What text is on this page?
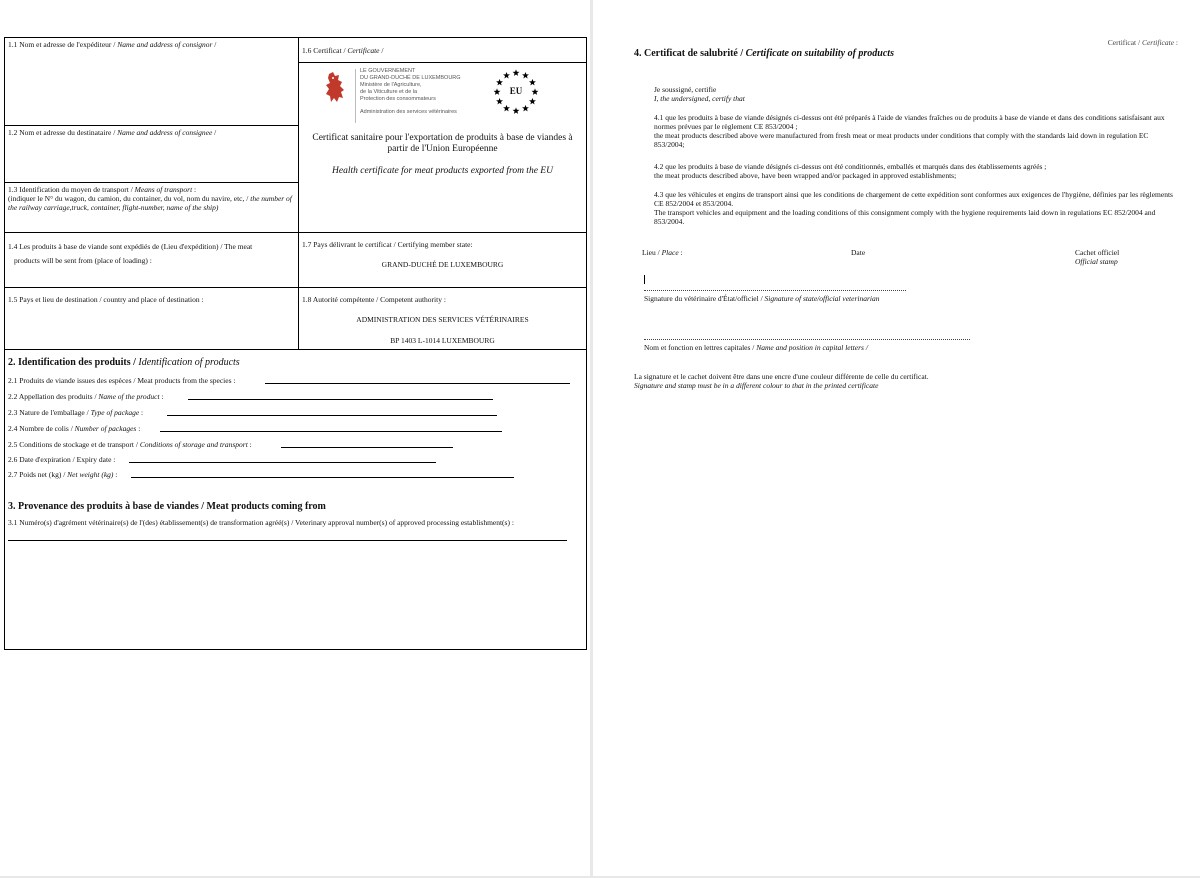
1.1 Nom et adresse de l'expéditeur / Name and address of consignor /
1.2 Nom et adresse du destinataire / Name and address of consignee /
1.3 Identification du moyen de transport / Means of transport :
(indiquer le N° du wagon, du camion, du container, du vol, nom du navire, etc, / the number of the railway carriage,truck, container, flight-number, name of the ship)
1.4 Les produits à base de viande sont expédiés de (Lieu d'expédition) / The meat
products will be sent from (place of loading) :
1.5 Pays et lieu de destination / country and place of destination :
1.6 Certificat / Certificate /
LE GOUVERNEMENT
DU GRAND-DUCHÉ DE LUXEMBOURG
Ministère de l'Agriculture,
de la Viticulture et de la
Protection des consommateurs
Administration des services vétérinaires
EU
Certificat sanitaire pour l'exportation de produits à base de viandes à partir de l'Union Européenne
Health certificate for meat products exported from the EU
1.7 Pays délivrant le certificat / Certifying member state:
GRAND-DUCHÉ DE LUXEMBOURG
1.8 Autorité compétente / Competent authority :
ADMINISTRATION DES SERVICES VÉTÉRINAIRES
BP 1403 L-1014 LUXEMBOURG
2. Identification des produits / Identification of products
2.1 Produits de viande issues des espèces / Meat products from the species :
2.2 Appellation des produits / Name of the product :
2.3 Nature de l'emballage / Type of package :
2.4 Nombre de colis / Number of packages :
2.5 Conditions de stockage et de transport / Conditions of storage and transport :
2.6 Date d'expiration / Expiry date :
2.7 Poids net (kg) / Net weight (kg) :
3. Provenance des produits à base de viandes / Meat products coming from
3.1 Numéro(s) d'agrément vétérinaire(s) de l'(des) établissement(s) de transformation agréé(s) / Veterinary approval number(s) of approved processing establishment(s) :
Certificat / Certificate :
4. Certificat de salubrité / Certificate on suitability of products
Je soussigné, certifie
I, the undersigned, certify that
4.1 que les produits à base de viande désignés ci-dessus ont été préparés à l'aide de viandes fraîches ou de produits à base de viande et dans des conditions satisfaisant aux normes prévues par le règlement CE 853/2004 ;
the meat products described above were manufactured from fresh meat or meat products under conditions that comply with the standards laid down in regulation EC 853/2004;
4.2 que les produits à base de viande désignés ci-dessus ont été conditionnés, emballés et marqués dans des établissements agréés ;
the meat products described above, have been wrapped and/or packaged in approved establishments;
4.3 que les véhicules et engins de transport ainsi que les conditions de chargement de cette expédition sont conformes aux exigences de l'hygiène, définies par les règlements CE 852/2004 et 853/2004.
The transport vehicles and equipment and the loading conditions of this consignment comply with the hygiene requirements laid down in regulations EC 852/2004 and 853/2004.
Lieu / Place :	Date	Cachet officiel
Official stamp
Signature du vétérinaire d'État/officiel / Signature of state/official veterinarian
Nom et fonction en lettres capitales / Name and position in capital letters /
La signature et le cachet doivent être dans une encre d'une couleur différente de celle du certificat.
Signature and stamp must be in a different colour to that in the printed certificate
